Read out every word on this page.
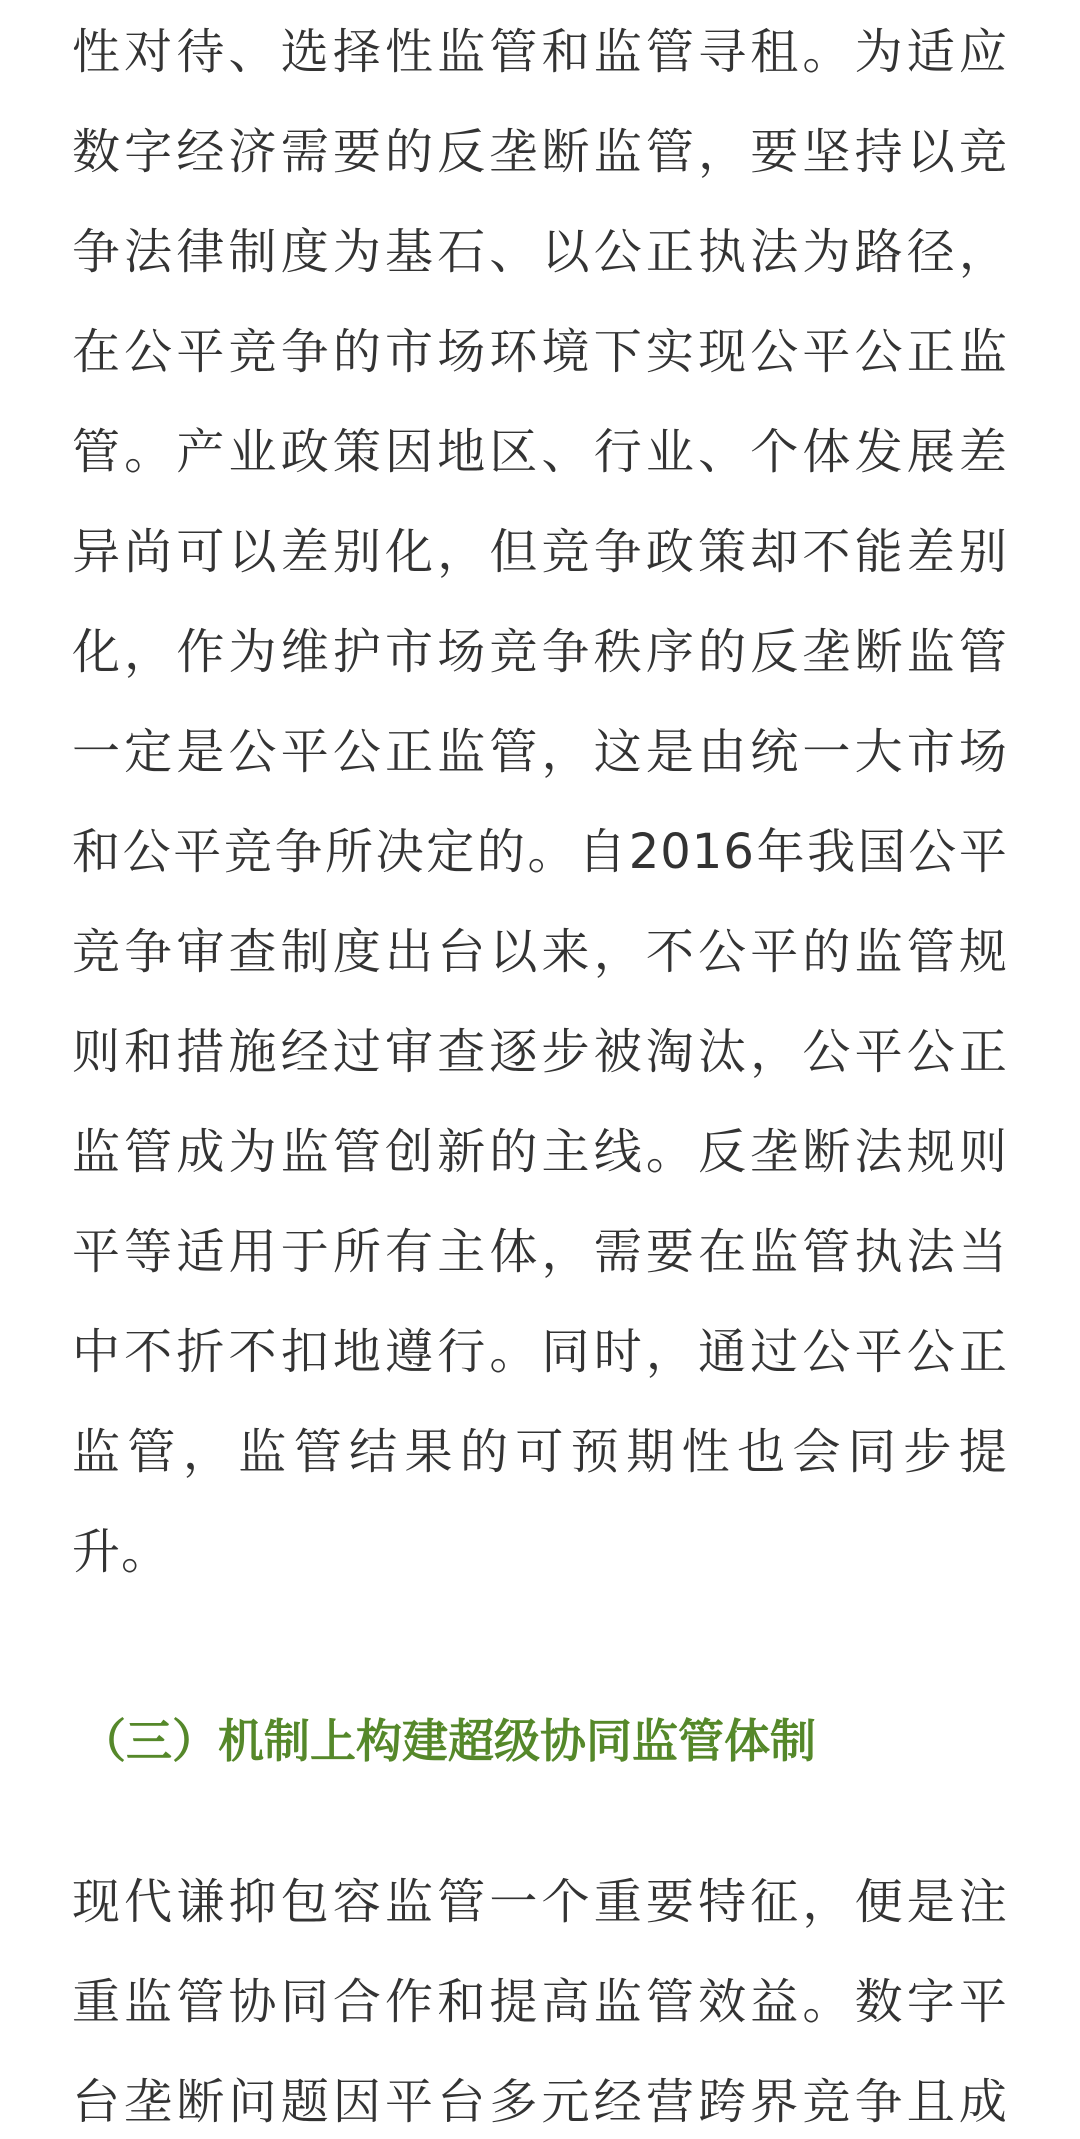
性 对 待 、 选 择 性 监 管 和 监 管 寻 租 。 为 适 应
数 字 经 济 需 要 的 反 垄 断 监 管 ， 要 坚 持 以 竞
争 法 律 制 度 为 基 石 、 以 公 正 执 法 为 路 径 ，
在 公 平 竞 争 的 市 场 环 境 下 实 现 公 平 公 正 监
管 。 产 业 政 策 因 地 区 、 行 业 、 个 体 发 展 差
异 尚 可 以 差 别 化 ， 但 竞 争 政 策 却 不 能 差 别
化 ， 作 为 维 护 市 场 竞 争 秩 序 的 反 垄 断 监 管
一 定 是 公 平 公 正 监 管 ， 这 是 由 统 一 大 市 场
和 公 平 竞 争 所 决 定 的 。 自 2016 年 我 国 公 平
竞 争 审 查 制 度 出 台 以 来 ， 不 公 平 的 监 管 规
则 和 措 施 经 过 审 查 逐 步 被 淘 汰 ， 公 平 公 正
监 管 成 为 监 管 创 新 的 主 线 。 反 垄 断 法 规 则
平 等 适 用 于 所 有 主 体 ， 需 要 在 监 管 执 法 当
中 不 折 不 扣 地 遵 行 。 同 时 ， 通 过 公 平 公 正
监 管 ， 监 管 结 果 的 可 预 期 性 也 会 同 步 提
升。
（三）机制上构建超级协同监管体制
现 代 谦 抑 包 容 监 管 一 个 重 要 特 征 ， 便 是 注
重 监 管 协 同 合 作 和 提 高 监 管 效 益 。 数 字 平
台 垄 断 问 题 因 平 台 多 元 经 营 跨 界 竞 争 且 成
